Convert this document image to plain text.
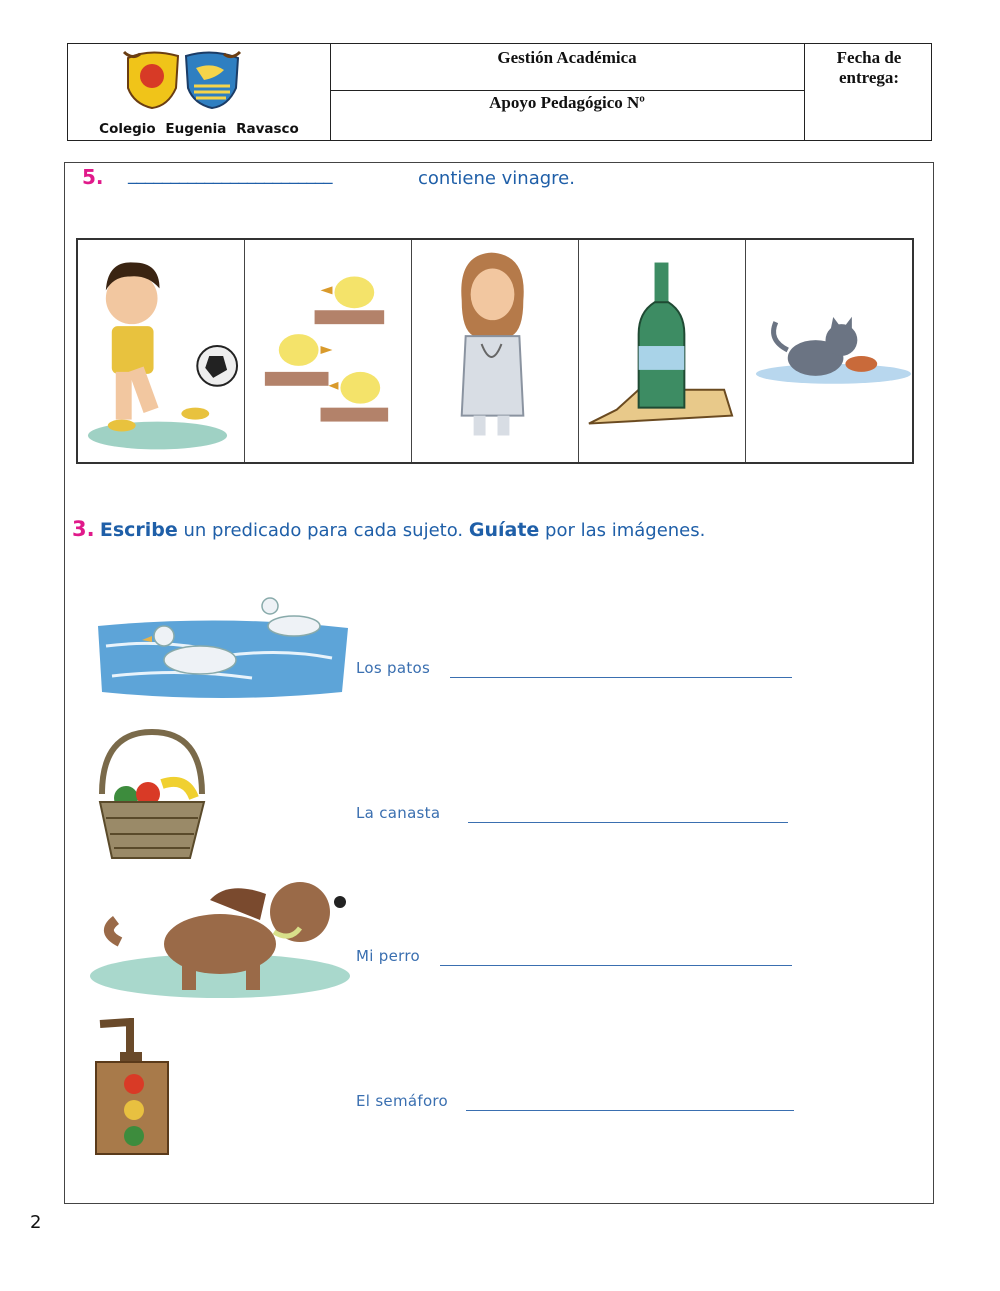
Colegio Eugenia Ravasco
Gestión Académica
Apoyo Pedagógico Nº
Fecha de entrega:
5. ________________________	contiene vinagre.
3. Escribe un predicado para cada sujeto. Guíate por las imágenes.
Los patos
La canasta
Mi perro
El semáforo
2
